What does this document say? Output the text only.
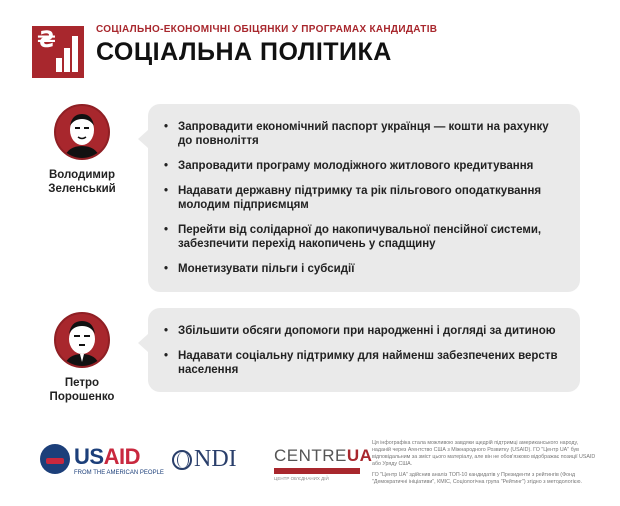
₴	СОЦІАЛЬНО-ЕКОНОМІЧНІ ОБІЦЯНКИ У ПРОГРАМАХ КАНДИДАТІВ
СОЦІАЛЬНА ПОЛІТИКА
Володимир
Зеленський
• Запровадити економічний паспорт українця — кошти на рахунку до повноліття
• Запровадити програму молодіжного житлового кредитування
• Надавати державну підтримку та рік пільгового оподаткування молодим підприємцям
• Перейти від солідарної до накопичувальної пенсійної системи, забезпечити перехід накопичень у спадщину
• Монетизувати пільги і субсидії
Петро
Порошенко
• Збільшити обсяги допомоги при народженні і догляді за дитиною
• Надавати соціальну підтримку для найменш забезпечених верств населення
USAID
FROM THE AMERICAN PEOPLE
NDI CENTREUA
ЦЕНТР ОБ'ЄДНАНИХ ДІЙ

Ця інфографіка стала можливою завдяки щедрій підтримці американського народу, наданій через Агентство США з Міжнародного Розвитку (USAID). ГО "Центр UA" був відповідальним за зміст цього матеріалу, але він не обов'язково відображає позиції USAID або Уряду США.

ГО "Центр UA" здійснив аналіз ТОП-10 кандидатів у Президенти з рейтингів (Фонд "Демократичні ініціативи", КМІС, Соціологічна група "Рейтинг") згідно з методологією.
